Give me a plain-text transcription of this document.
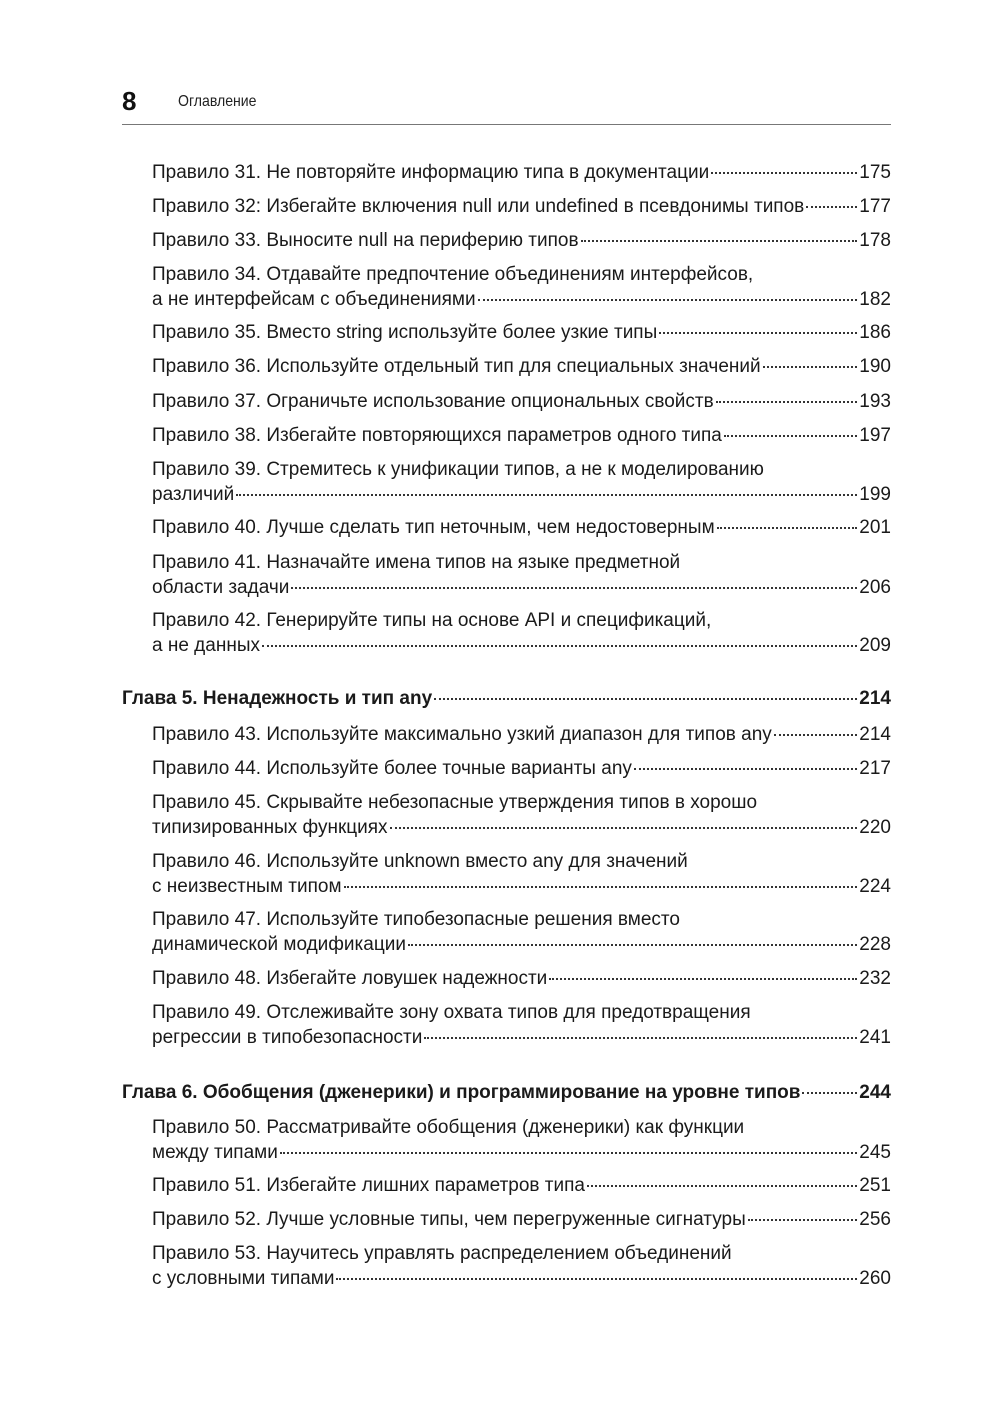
8	Оглавление
Правило 31. Не повторяйте информацию типа в документации	175
Правило 32: Избегайте включения null или undefined в псевдонимы типов	177
Правило 33. Выносите null на периферию типов	178
Правило 34. Отдавайте предпочтение объединениям интерфейсов,
а не интерфейсам с объединениями	182
Правило 35. Вместо string используйте более узкие типы	186
Правило 36. Используйте отдельный тип для специальных значений	190
Правило 37. Ограничьте использование опциональных свойств	193
Правило 38. Избегайте повторяющихся параметров одного типа	197
Правило 39. Стремитесь к унификации типов, а не к моделированию
различий	199
Правило 40. Лучше сделать тип неточным, чем недостоверным	201
Правило 41. Назначайте имена типов на языке предметной
области задачи	206
Правило 42. Генерируйте типы на основе API и спецификаций,
а не данных	209
Глава 5. Ненадежность и тип any	214
Правило 43. Используйте максимально узкий диапазон для типов any	214
Правило 44. Используйте более точные варианты any	217
Правило 45. Скрывайте небезопасные утверждения типов в хорошо
типизированных функциях	220
Правило 46. Используйте unknown вместо any для значений
с неизвестным типом	224
Правило 47. Используйте типобезопасные решения вместо
динамической модификации	228
Правило 48. Избегайте ловушек надежности	232
Правило 49. Отслеживайте зону охвата типов для предотвращения
регрессии в типобезопасности	241
Глава 6. Обобщения (дженерики) и программирование на уровне типов	244
Правило 50. Рассматривайте обобщения (дженерики) как функции
между типами	245
Правило 51. Избегайте лишних параметров типа	251
Правило 52. Лучше условные типы, чем перегруженные сигнатуры	256
Правило 53. Научитесь управлять распределением объединений
с условными типами	260
